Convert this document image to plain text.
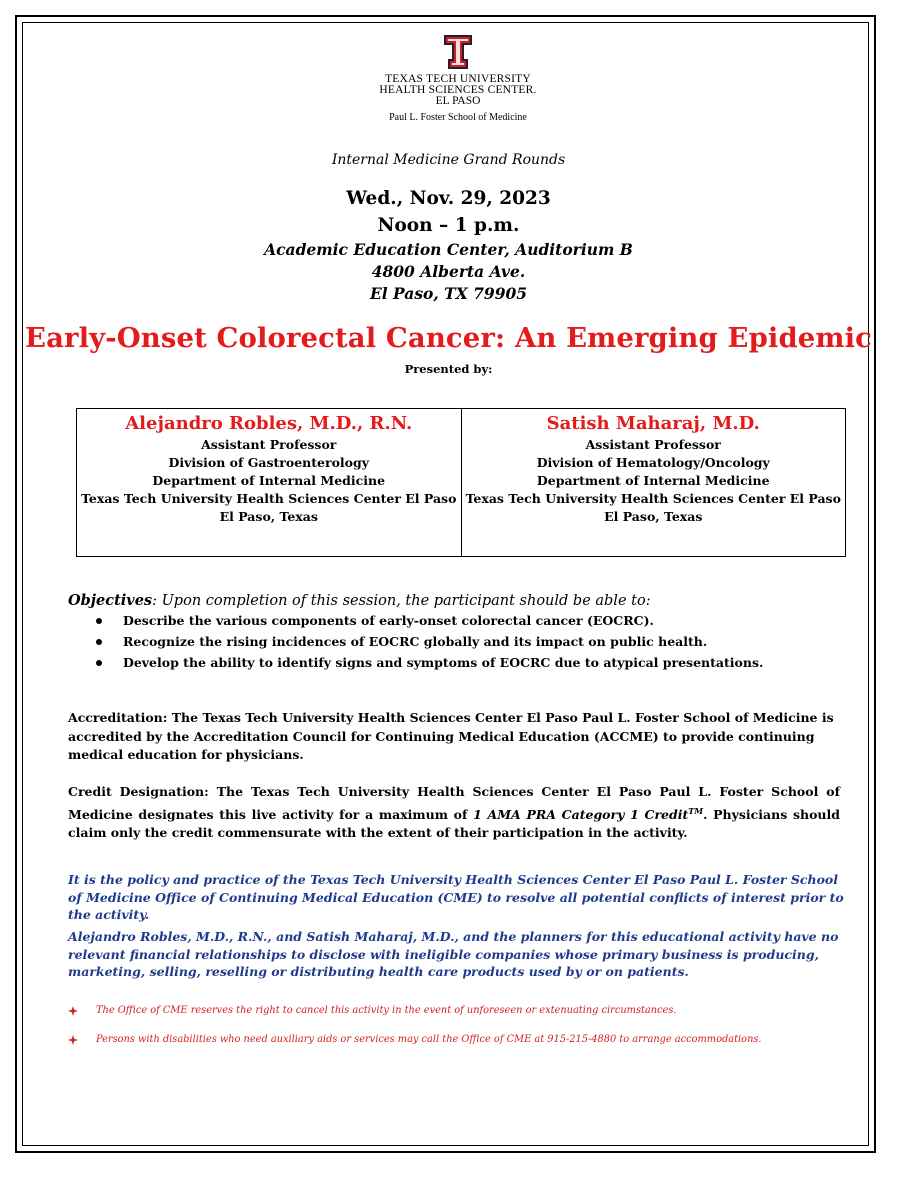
TEXAS TECH UNIVERSITY
HEALTH SCIENCES CENTER.
EL PASO
Paul L. Foster School of Medicine
Internal Medicine Grand Rounds
Wed., Nov. 29, 2023
Noon – 1 p.m.
Academic Education Center, Auditorium B
4800 Alberta Ave.
El Paso, TX 79905
Early-Onset Colorectal Cancer: An Emerging Epidemic
Presented by:
Alejandro Robles, M.D., R.N.
Assistant Professor
Division of Gastroenterology
Department of Internal Medicine
Texas Tech University Health Sciences Center El Paso
El Paso, Texas
Satish Maharaj, M.D.
Assistant Professor
Division of Hematology/Oncology
Department of Internal Medicine
Texas Tech University Health Sciences Center El Paso
El Paso, Texas
Objectives: Upon completion of this session, the participant should be able to:
Describe the various components of early-onset colorectal cancer (EOCRC).
Recognize the rising incidences of EOCRC globally and its impact on public health.
Develop the ability to identify signs and symptoms of EOCRC due to atypical presentations.
Accreditation: The Texas Tech University Health Sciences Center El Paso Paul L. Foster School of Medicine is accredited by the Accreditation Council for Continuing Medical Education (ACCME) to provide continuing medical education for physicians.
Credit Designation: The Texas Tech University Health Sciences Center El Paso Paul L. Foster School of Medicine designates this live activity for a maximum of 1 AMA PRA Category 1 Credit™. Physicians should claim only the credit commensurate with the extent of their participation in the activity.
It is the policy and practice of the Texas Tech University Health Sciences Center El Paso Paul L. Foster School of Medicine Office of Continuing Medical Education (CME) to resolve all potential conflicts of interest prior to the activity.
Alejandro Robles, M.D., R.N., and Satish Maharaj, M.D., and the planners for this educational activity have no relevant financial relationships to disclose with ineligible companies whose primary business is producing, marketing, selling, reselling or distributing health care products used by or on patients.
The Office of CME reserves the right to cancel this activity in the event of unforeseen or extenuating circumstances.
Persons with disabilities who need auxiliary aids or services may call the Office of CME at 915-215-4880 to arrange accommodations.
